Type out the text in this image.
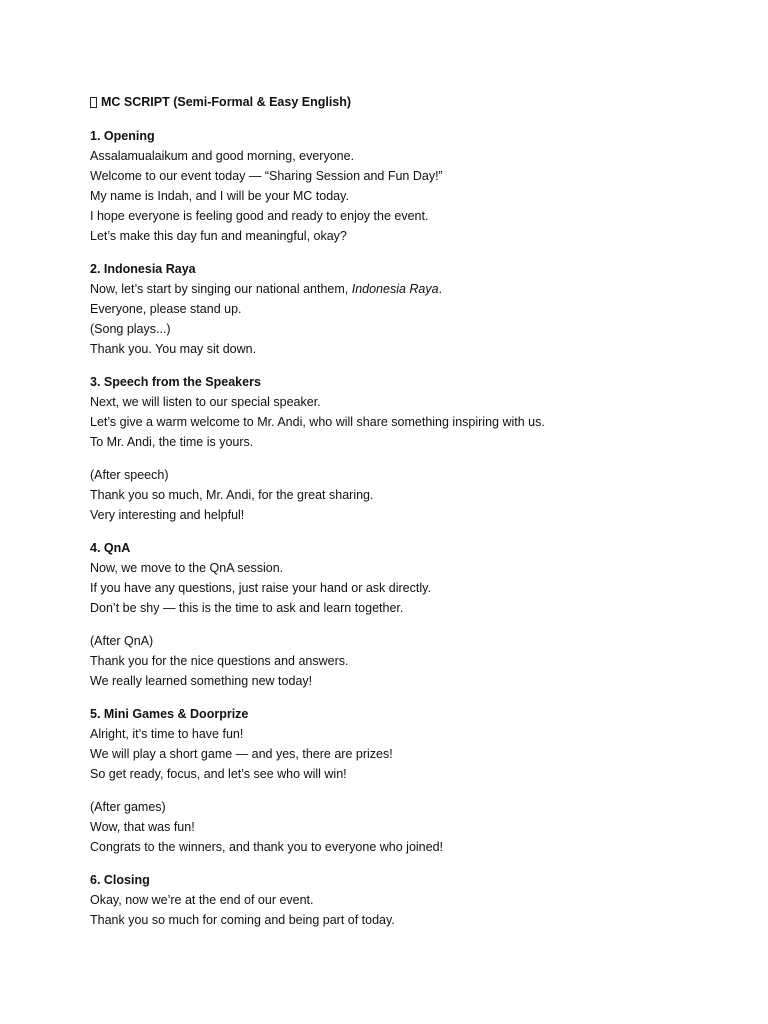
MC SCRIPT (Semi-Formal & Easy English)
1. Opening
Assalamualaikum and good morning, everyone.
Welcome to our event today — “Sharing Session and Fun Day!”
My name is Indah, and I will be your MC today.
I hope everyone is feeling good and ready to enjoy the event.
Let’s make this day fun and meaningful, okay?
2. Indonesia Raya
Now, let’s start by singing our national anthem, Indonesia Raya.
Everyone, please stand up.
(Song plays...)
Thank you. You may sit down.
3. Speech from the Speakers
Next, we will listen to our special speaker.
Let’s give a warm welcome to Mr. Andi, who will share something inspiring with us.
To Mr. Andi, the time is yours.
(After speech)
Thank you so much, Mr. Andi, for the great sharing.
Very interesting and helpful!
4. QnA
Now, we move to the QnA session.
If you have any questions, just raise your hand or ask directly.
Don’t be shy — this is the time to ask and learn together.
(After QnA)
Thank you for the nice questions and answers.
We really learned something new today!
5. Mini Games & Doorprize
Alright, it’s time to have fun!
We will play a short game — and yes, there are prizes!
So get ready, focus, and let’s see who will win!
(After games)
Wow, that was fun!
Congrats to the winners, and thank you to everyone who joined!
6. Closing
Okay, now we’re at the end of our event.
Thank you so much for coming and being part of today.
